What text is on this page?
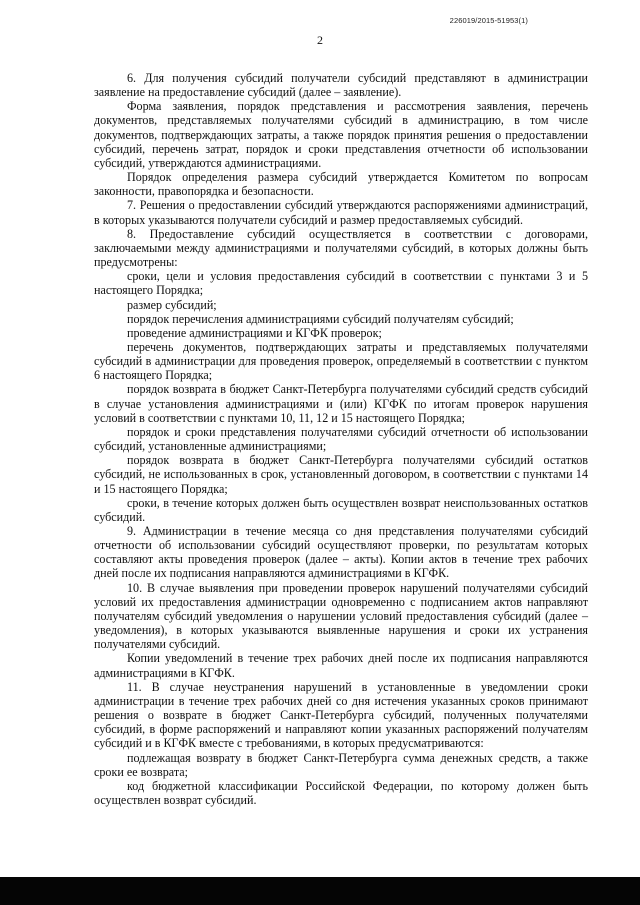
226019/2015-51953(1)
2

6. Для получения субсидий получатели субсидий представляют в администрации заявление на предоставление субсидий (далее – заявление).

Форма заявления, порядок представления и рассмотрения заявления, перечень документов, представляемых получателями субсидий в администрацию, в том числе документов, подтверждающих затраты, а также порядок принятия решения о предоставлении субсидий, перечень затрат, порядок и сроки представления отчетности об использовании субсидий, утверждаются администрациями.

Порядок определения размера субсидий утверждается Комитетом по вопросам законности, правопорядка и безопасности.

7. Решения о предоставлении субсидий утверждаются распоряжениями администраций, в которых указываются получатели субсидий и размер предоставляемых субсидий.

8. Предоставление субсидий осуществляется в соответствии с договорами, заключаемыми между администрациями и получателями субсидий, в которых должны быть предусмотрены:

сроки, цели и условия предоставления субсидий в соответствии с пунктами 3 и 5 настоящего Порядка;

размер субсидий;

порядок перечисления администрациями субсидий получателям субсидий;

проведение администрациями и КГФК проверок;

перечень документов, подтверждающих затраты и представляемых получателями субсидий в администрации для проведения проверок, определяемый в соответствии с пунктом 6 настоящего Порядка;

порядок возврата в бюджет Санкт-Петербурга получателями субсидий средств субсидий в случае установления администрациями и (или) КГФК по итогам проверок нарушения условий в соответствии с пунктами 10, 11, 12 и 15 настоящего Порядка;

порядок и сроки представления получателями субсидий отчетности об использовании субсидий, установленные администрациями;

порядок возврата в бюджет Санкт-Петербурга получателями субсидий остатков субсидий, не использованных в срок, установленный договором, в соответствии с пунктами 14 и 15 настоящего Порядка;

сроки, в течение которых должен быть осуществлен возврат неиспользованных остатков субсидий.

9. Администрации в течение месяца со дня представления получателями субсидий отчетности об использовании субсидий осуществляют проверки, по результатам которых составляют акты проведения проверок (далее – акты). Копии актов в течение трех рабочих дней после их подписания направляются администрациями в КГФК.

10. В случае выявления при проведении проверок нарушений получателями субсидий условий их предоставления администрации одновременно с подписанием актов направляют получателям субсидий уведомления о нарушении условий предоставления субсидий (далее – уведомления), в которых указываются выявленные нарушения и сроки их устранения получателями субсидий.

Копии уведомлений в течение трех рабочих дней после их подписания направляются администрациями в КГФК.

11. В случае неустранения нарушений в установленные в уведомлении сроки администрации в течение трех рабочих дней со дня истечения указанных сроков принимают решения о возврате в бюджет Санкт-Петербурга субсидий, полученных получателями субсидий, в форме распоряжений и направляют копии указанных распоряжений получателям субсидий и в КГФК вместе с требованиями, в которых предусматриваются:

подлежащая возврату в бюджет Санкт-Петербурга сумма денежных средств, а также сроки ее возврата;

код бюджетной классификации Российской Федерации, по которому должен быть осуществлен возврат субсидий.
